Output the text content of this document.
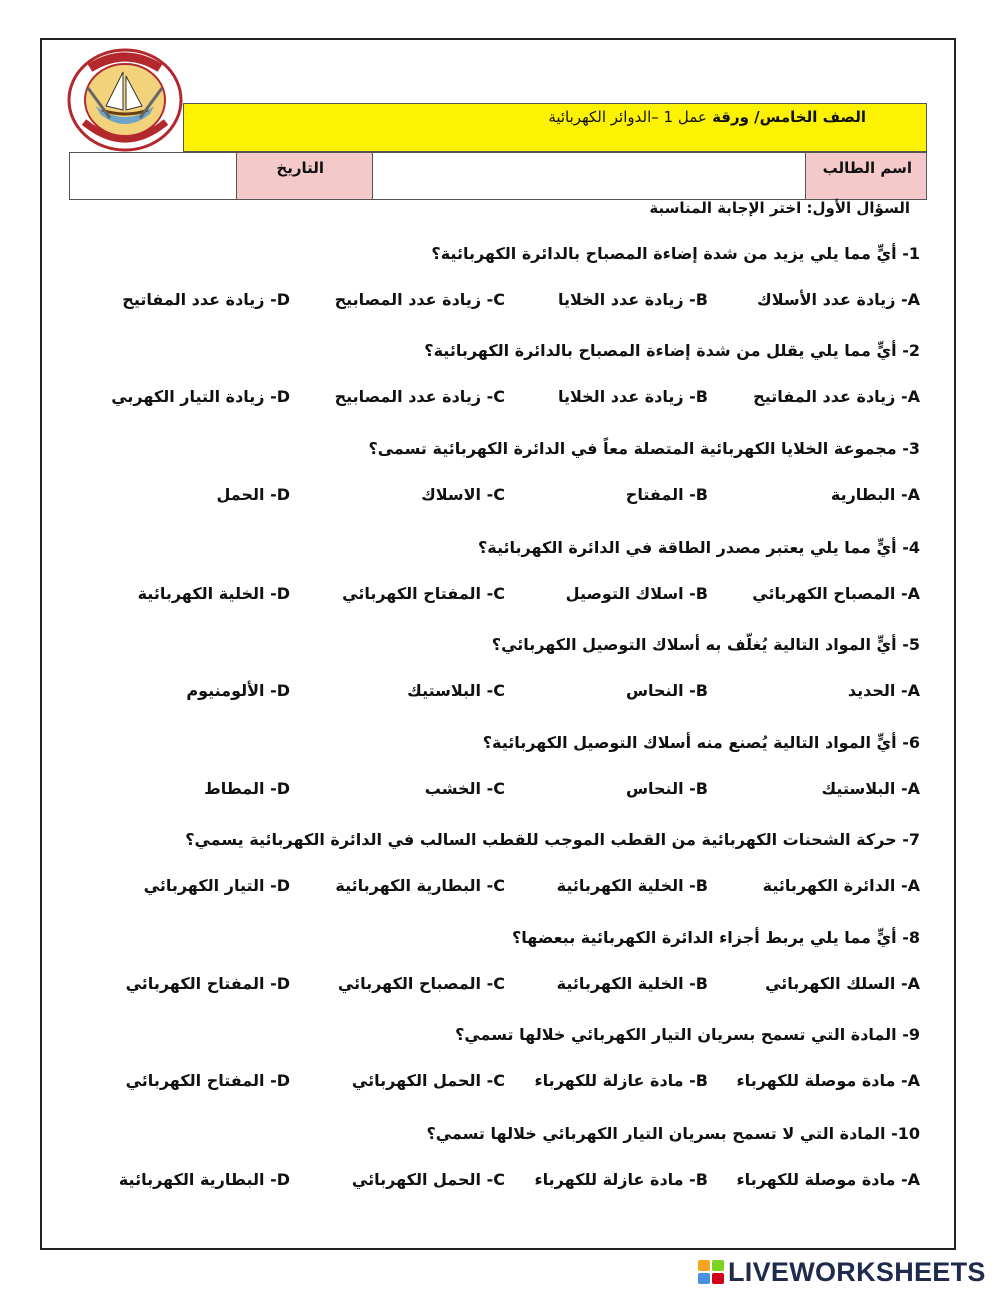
الصف الخامس/ ورقة عمل 1 –الدوائر الكهربائية
اسم الطالب
التاريخ
السؤال الأول: اختر الإجابة المناسبة
1- أيٍّ مما يلي يزيد من شدة إضاءة المصباح بالدائرة الكهربائية؟
A- زيادة عدد الأسلاك
B- زيادة عدد الخلايا
C- زيادة عدد المصابيح
D- زيادة عدد المفاتيح
2- أيٍّ مما يلي يقلل من شدة إضاءة المصباح بالدائرة الكهربائية؟
A- زيادة عدد المفاتيح
B- زيادة عدد الخلايا
C- زيادة عدد المصابيح
D- زيادة التيار الكهربي
3- مجموعة الخلايا الكهربائية المتصلة معاً في الدائرة الكهربائية تسمى؟
A- البطارية
B- المفتاح
C- الاسلاك
D- الحمل
4- أيٍّ مما يلي يعتبر مصدر الطاقة في الدائرة الكهربائية؟
A- المصباح الكهربائي
B- اسلاك التوصيل
C- المفتاح الكهربائي
D- الخلية الكهربائية
5- أيٍّ المواد التالية يُغلّف به أسلاك التوصيل الكهربائي؟
A- الحديد
B- النحاس
C- البلاستيك
D- الألومنيوم
6- أيٍّ المواد التالية يُصنع منه أسلاك التوصيل الكهربائية؟
A- البلاستيك
B- النحاس
C- الخشب
D- المطاط
7- حركة الشحنات الكهربائية من القطب الموجب للقطب السالب في الدائرة الكهربائية يسمي؟
A- الدائرة الكهربائية
B- الخلية الكهربائية
C- البطارية الكهربائية
D- التيار الكهربائي
8- أيٍّ مما يلي يربط أجزاء الدائرة الكهربائية ببعضها؟
A- السلك الكهربائي
B- الخلية الكهربائية
C- المصباح الكهربائي
D- المفتاح الكهربائي
9- المادة التي تسمح بسريان التيار الكهربائي خلالها تسمي؟
A- مادة موصلة للكهرباء
B- مادة عازلة للكهرباء
C- الحمل الكهربائي
D- المفتاح الكهربائي
10- المادة التي لا تسمح بسريان التيار الكهربائي خلالها تسمي؟
A- مادة موصلة للكهرباء
B- مادة عازلة للكهرباء
C- الحمل الكهربائي
D- البطارية الكهربائية
LIVEWORKSHEETS
